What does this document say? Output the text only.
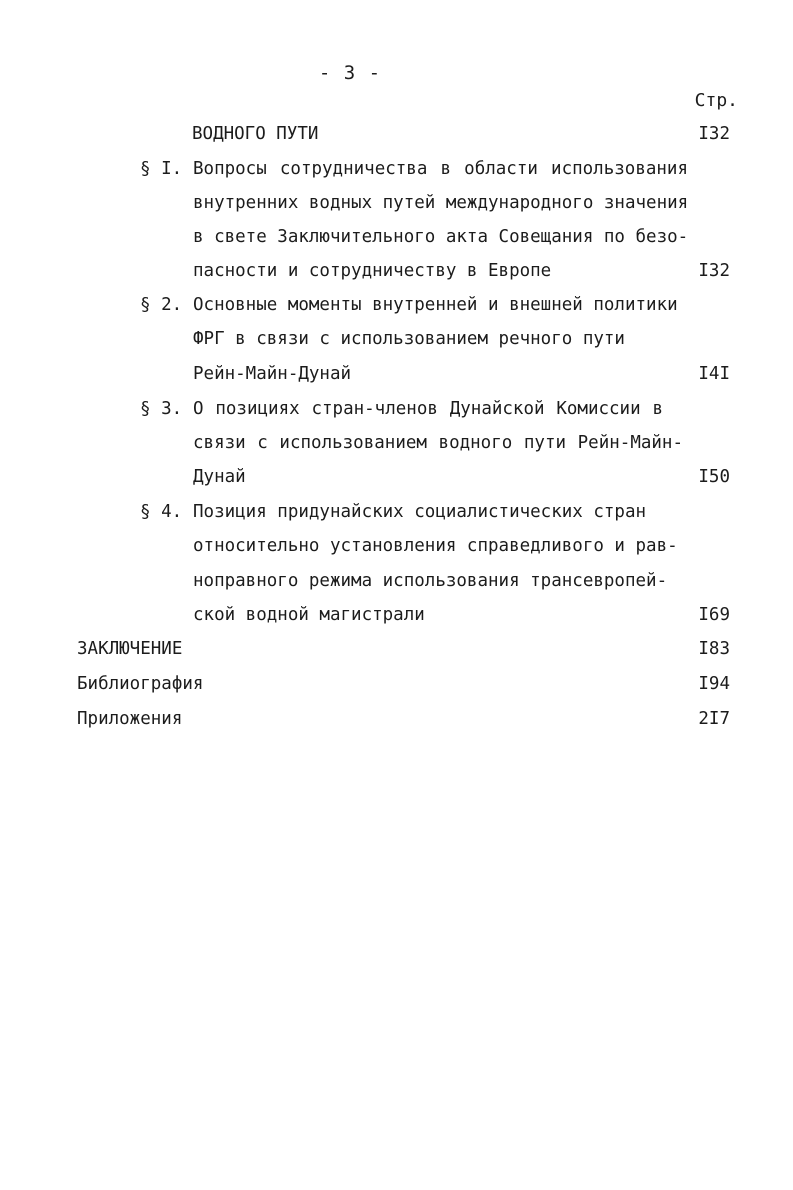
- 3 -
Стр.
ВОДНОГО ПУТИ	I32
§ I. Вопросы сотрудничества в области использования
внутренних водных путей международного значения
в свете Заключительного акта Совещания по безо-
пасности и сотрудничеству в Европе	I32
§ 2. Основные моменты внутренней и внешней политики
ФРГ в связи с использованием речного пути
Рейн-Майн-Дунай	I4I
§ 3. О позициях стран-членов Дунайской Комиссии в
связи с использованием водного пути Рейн-Майн-
Дунай	I50
§ 4. Позиция придунайских социалистических стран
относительно установления справедливого и рав-
ноправного режима использования трансевропей-
ской водной магистрали	I69
ЗАКЛЮЧЕНИЕ	I83
Библиография	I94
Приложения	2I7
